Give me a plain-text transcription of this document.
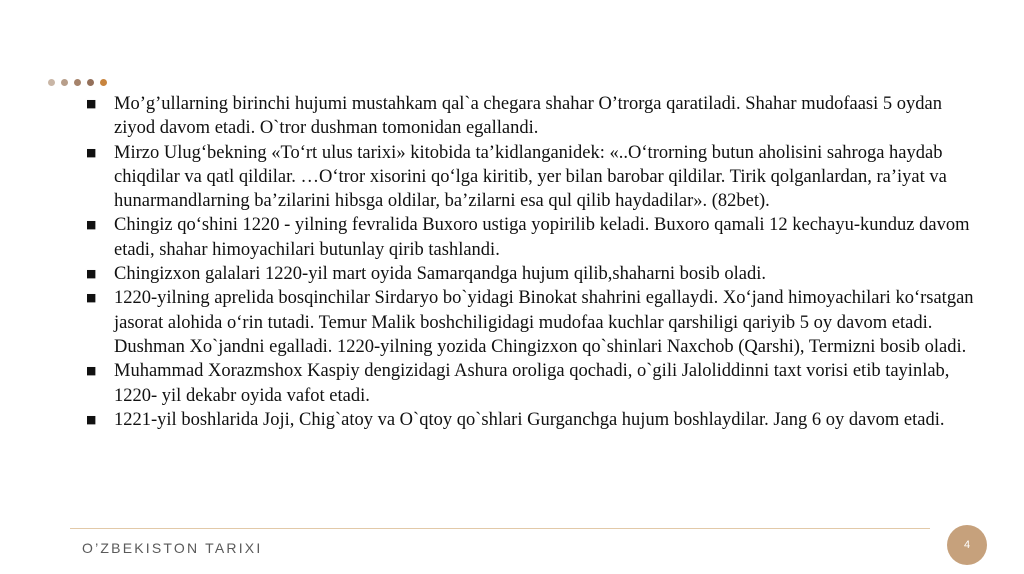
■ Mo’g’ullarning birinchi hujumi mustahkam qal`a chegara shahar O’trorga qaratiladi. Shahar mudofaasi 5 oydan ziyod davom etadi. O`tror dushman tomonidan egallandi.
■ Mirzo Ulug‘bekning «To‘rt ulus tarixi» kitobida ta’kidlanganidek: «..O‘trorning butun aholisini sahroga haydab chiqdilar va qatl qildilar. …O‘tror xisorini qo‘lga kiritib, yer bilan barobar qildilar. Tirik qolganlardan, ra’iyat va hunarmandlarning ba’zilarini hibsga oldilar, ba’zilarni esa qul qilib haydadilar». (82bet).
■ Chingiz qo‘shini 1220 - yilning fevralida Buxoro ustiga yopirilib keladi. Buxoro qamali 12 kechayu-kunduz davom etadi, shahar himoyachilari butunlay qirib tashlandi.
■ Chingizxon galalari 1220-yil mart oyida Samarqandga hujum qilib,shaharni bosib oladi.
■ 1220-yilning aprelida bosqinchilar Sirdaryo bo`yidagi Binokat shahrini egallaydi. Xo‘jand himoyachilari ko‘rsatgan jasorat alohida o‘rin tutadi. Temur Malik boshchiligidagi mudofaa kuchlar qarshiligi qariyib 5 oy davom etadi. Dushman Xo`jandni egalladi. 1220-yilning yozida Chingizxon qo`shinlari Naxchob (Qarshi), Termizni bosib oladi.
■ Muhammad Xorazmshox Kaspiy dengizidagi Ashura oroliga qochadi, o`gili Jaloliddinni taxt vorisi etib tayinlab, 1220- yil dekabr oyida vafot etadi.
■ 1221-yil boshlarida Joji, Chig`atoy va O`qtoy qo`shlari Gurganchga hujum boshlaydilar. Jang 6 oy davom etadi.
O’ZBEKISTON TARIXI	4
